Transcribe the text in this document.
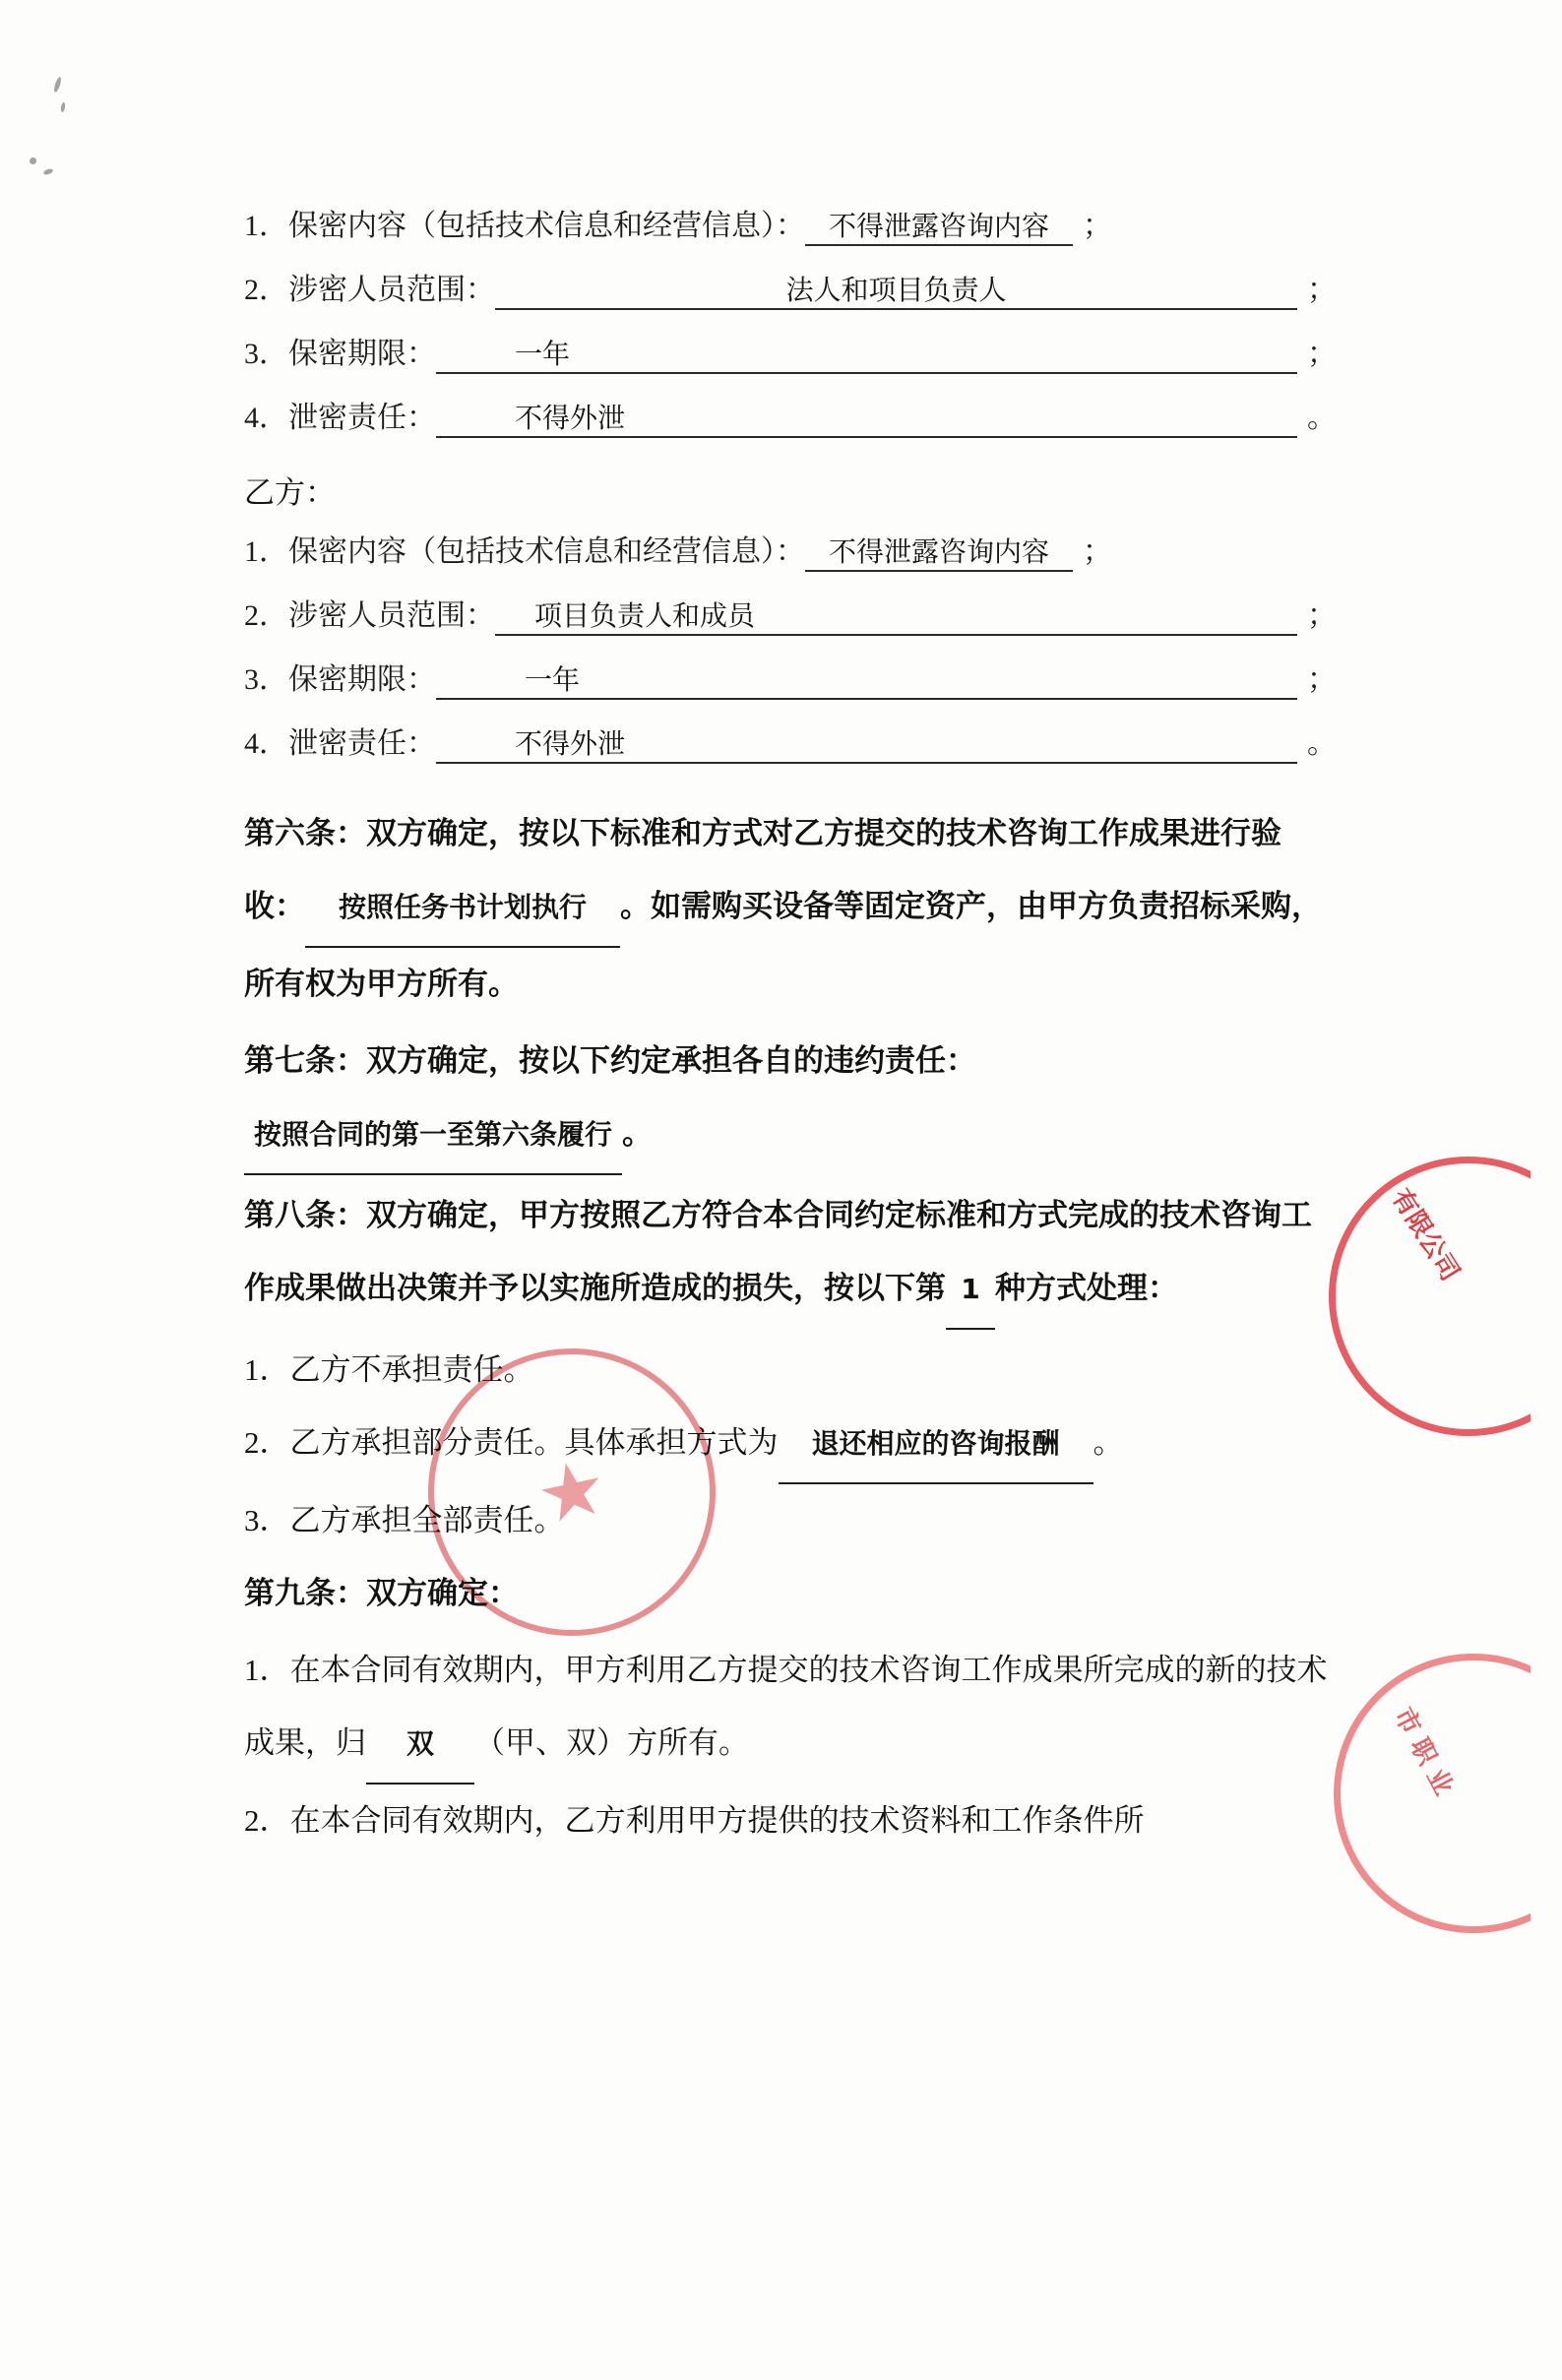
★
有限公司
市 职 业
1． 保密内容（包括技术信息和经营信息）： 不得泄露咨询内容	；
2． 涉密人员范围：	法人和项目负责人	；
3． 保密期限：	一年	；
4． 泄密责任：	不得外泄	。
乙方：
1． 保密内容（包括技术信息和经营信息）： 不得泄露咨询内容	；
2． 涉密人员范围：	项目负责人和成员	；
3． 保密期限：	一年	；
4． 泄密责任：	不得外泄	。
第六条：双方确定，按以下标准和方式对乙方提交的技术咨询工作成果进行验收： 按照任务书计划执行 。如需购买设备等固定资产，由甲方负责招标采购，所有权为甲方所有。
第七条：双方确定，按以下约定承担各自的违约责任：按照合同的第一至第六条履行 。
第八条：双方确定，甲方按照乙方符合本合同约定标准和方式完成的技术咨询工作成果做出决策并予以实施所造成的损失，按以下第 1 种方式处理：
1．乙方不承担责任。
2．乙方承担部分责任。具体承担方式为 退还相应的咨询报酬 。
3．乙方承担全部责任。
第九条：双方确定：
1．在本合同有效期内，甲方利用乙方提交的技术咨询工作成果所完成的新的技术成果，归 双 （甲、双）方所有。
2．在本合同有效期内，乙方利用甲方提供的技术资料和工作条件所
